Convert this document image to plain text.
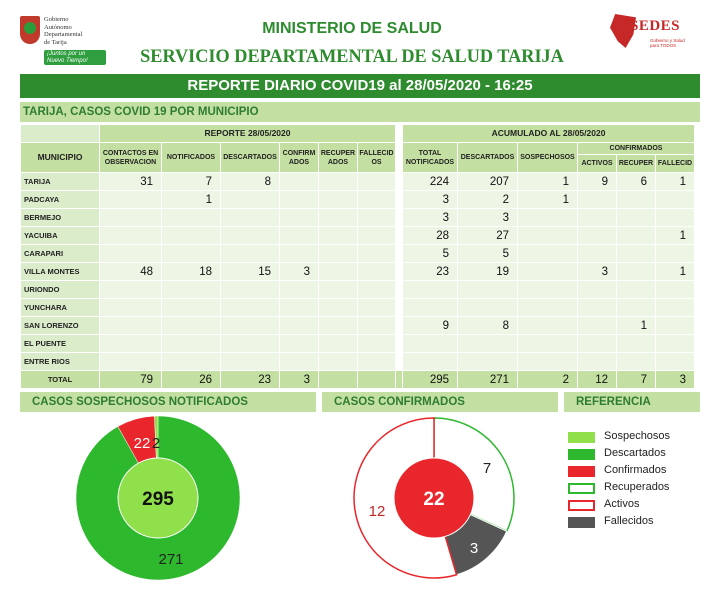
Gobierno
Autónomo
Departamental
de Tarija
¡Juntos por un Nuevo Tiempo!
MINISTERIO DE SALUD
SERVICIO DEPARTAMENTAL DE SALUD TARIJA
SEDES
Gobierno y Salud para TODOS
REPORTE DIARIO COVID19 al 28/05/2020 - 16:25
TARIJA, CASOS COVID 19 POR MUNICIPIO
	REPORTE 28/05/2020							ACUMULADO AL 28/05/2020					
MUNICIPIO	CONTACTOS EN OBSERVACION	NOTIFICADOS	DESCARTADOS	CONFIRM ADOS	RECUPER ADOS	FALLECID OS		TOTAL NOTIFICADOS	DESCARTADOS	SOSPECHOSOS	CONFIRMADOS		
											ACTIVOS	RECUPER	FALLECID
TARIJA	31	7	8					224	207	1	9	6	1
PADCAYA		1						3	2	1			
BERMEJO								3	3				
YACUIBA								28	27				1
CARAPARI								5	5				
VILLA MONTES	48	18	15	3				23	19		3		1
URIONDO													
YUNCHARA													
SAN LORENZO								9	8			1	
EL PUENTE													
ENTRE RIOS													
TOTAL	79	26	23	3				295	271	2	12	7	3
CASOS SOSPECHOSOS NOTIFICADOS	CASOS CONFIRMADOS	REFERENCIA
295
271
22 2
22
7
3
12
Sospechosos
Descartados
Confirmados
Recuperados
Activos
Fallecidos
